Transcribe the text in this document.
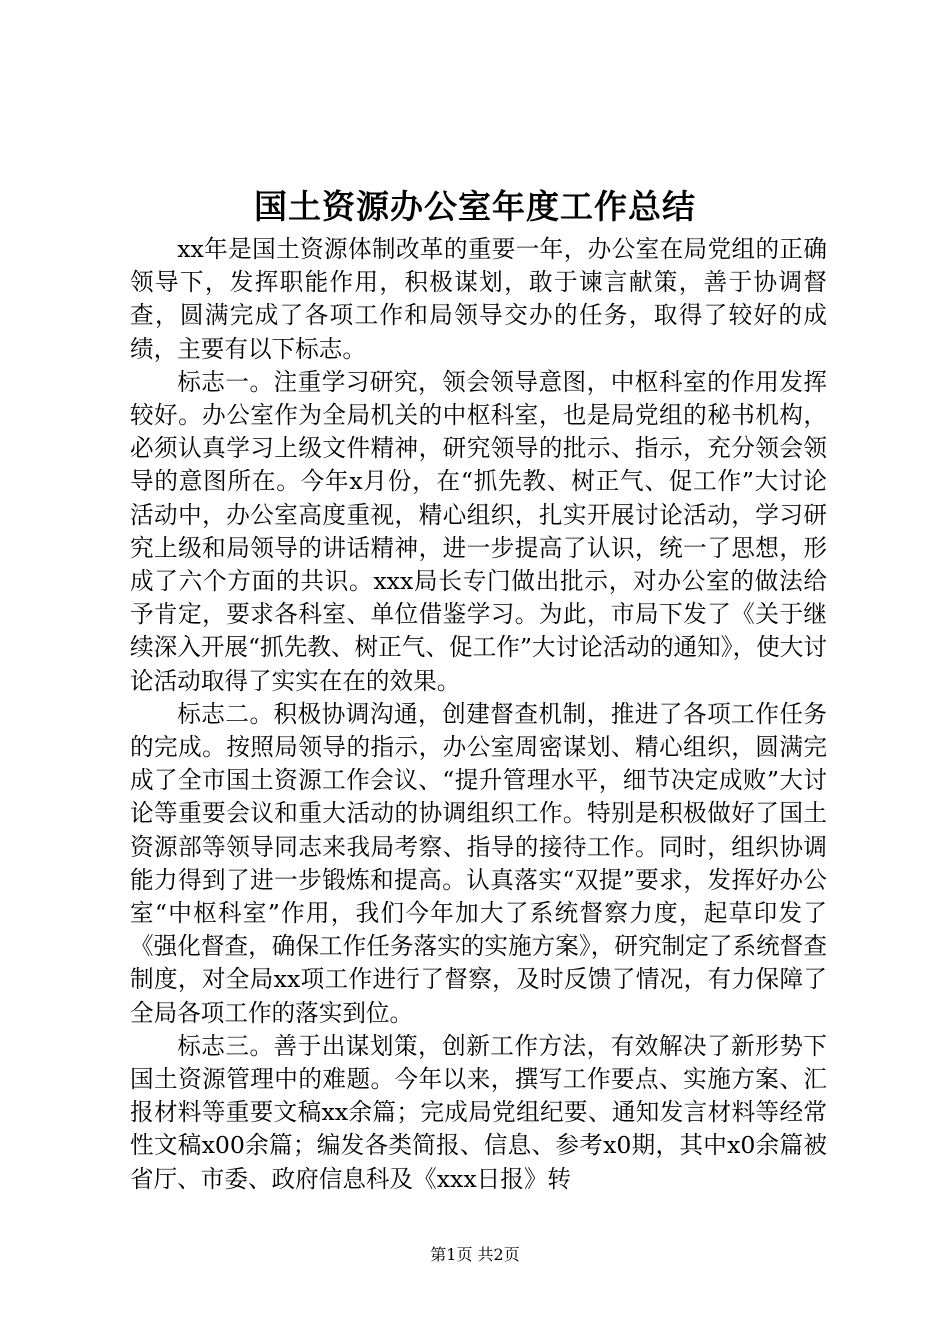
国土资源办公室年度工作总结

xx年是国土资源体制改革的重要一年，办公室在局党组的正确领导下，发挥职能作用，积极谋划，敢于谏言献策，善于协调督查，圆满完成了各项工作和局领导交办的任务，取得了较好的成绩，主要有以下标志。

标志一。注重学习研究，领会领导意图，中枢科室的作用发挥较好。办公室作为全局机关的中枢科室，也是局党组的秘书机构，必须认真学习上级文件精神，研究领导的批示、指示，充分领会领导的意图所在。今年x月份，在“抓先教、树正气、促工作”大讨论活动中，办公室高度重视，精心组织，扎实开展讨论活动，学习研究上级和局领导的讲话精神，进一步提高了认识，统一了思想，形成了六个方面的共识。xxx局长专门做出批示，对办公室的做法给予肯定，要求各科室、单位借鉴学习。为此，市局下发了《关于继续深入开展“抓先教、树正气、促工作”大讨论活动的通知》，使大讨论活动取得了实实在在的效果。

标志二。积极协调沟通，创建督查机制，推进了各项工作任务的完成。按照局领导的指示，办公室周密谋划、精心组织，圆满完成了全市国土资源工作会议、“提升管理水平，细节决定成败”大讨论等重要会议和重大活动的协调组织工作。特别是积极做好了国土资源部等领导同志来我局考察、指导的接待工作。同时，组织协调能力得到了进一步锻炼和提高。认真落实“双提”要求，发挥好办公室“中枢科室”作用，我们今年加大了系统督察力度，起草印发了《强化督查，确保工作任务落实的实施方案》，研究制定了系统督查制度，对全局xx项工作进行了督察，及时反馈了情况，有力保障了全局各项工作的落实到位。

标志三。善于出谋划策，创新工作方法，有效解决了新形势下国土资源管理中的难题。今年以来，撰写工作要点、实施方案、汇报材料等重要文稿xx余篇；完成局党组纪要、通知发言材料等经常性文稿x00余篇；编发各类简报、信息、参考x0期，其中x0余篇被省厅、市委、政府信息科及《xxx日报》转

第1页 共2页
